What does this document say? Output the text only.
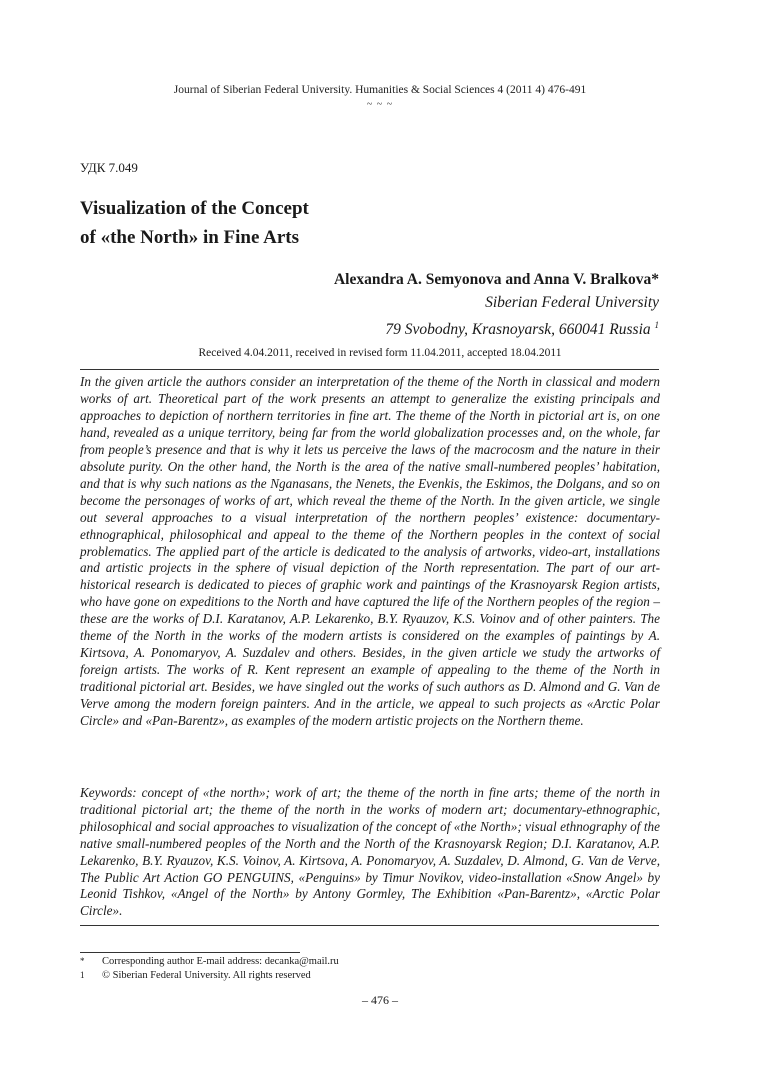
Journal of Siberian Federal University. Humanities & Social Sciences 4 (2011 4) 476-491
~ ~ ~
УДК 7.049
Visualization of the Concept
of «the North» in Fine Arts
Alexandra A. Semyonova and Anna V. Bralkova*
Siberian Federal University
79 Svobodny, Krasnoyarsk, 660041 Russia $^1$
Received 4.04.2011, received in revised form 11.04.2011, accepted 18.04.2011
In the given article the authors consider an interpretation of the theme of the North in classical and modern works of art. Theoretical part of the work presents an attempt to generalize the existing principals and approaches to depiction of northern territories in fine art. The theme of the North in pictorial art is, on one hand, revealed as a unique territory, being far from the world globalization processes and, on the whole, far from people’s presence and that is why it lets us perceive the laws of the macrocosm and the nature in their absolute purity. On the other hand, the North is the area of the native small-numbered peoples’ habitation, and that is why such nations as the Nganasans, the Nenets, the Evenkis, the Eskimos, the Dolgans, and so on become the personages of works of art, which reveal the theme of the North. In the given article, we single out several approaches to a visual interpretation of the northern peoples’ existence: documentary-ethnographical, philosophical and appeal to the theme of the Northern peoples in the context of social problematics. The applied part of the article is dedicated to the analysis of artworks, video-art, installations and artistic projects in the sphere of visual depiction of the North representation. The part of our art-historical research is dedicated to pieces of graphic work and paintings of the Krasnoyarsk Region artists, who have gone on expeditions to the North and have captured the life of the Northern peoples of the region – these are the works of D.I. Karatanov, A.P. Lekarenko, B.Y. Ryauzov, K.S. Voinov and of other painters. The theme of the North in the works of the modern artists is considered on the examples of paintings by A. Kirtsova, A. Ponomaryov, A. Suzdalev and others. Besides, in the given article we study the artworks of foreign artists. The works of R. Kent represent an example of appealing to the theme of the North in traditional pictorial art. Besides, we have singled out the works of such authors as D. Almond and G. Van de Verve among the modern foreign painters. And in the article, we appeal to such projects as «Arctic Polar Circle» and «Pan-Barentz», as examples of the modern artistic projects on the Northern theme.
Keywords: concept of «the north»; work of art; the theme of the north in fine arts; theme of the north in traditional pictorial art; the theme of the north in the works of modern art; documentary-ethnographic, philosophical and social approaches to visualization of the concept of «the North»; visual ethnography of the native small-numbered peoples of the North and the North of the Krasnoyarsk Region; D.I. Karatanov, A.P. Lekarenko, B.Y. Ryauzov, K.S. Voinov, A. Kirtsova, A. Ponomaryov, A. Suzdalev, D. Almond, G. Van de Verve, The Public Art Action GO PENGUINS, «Penguins» by Timur Novikov, video-installation «Snow Angel» by Leonid Tishkov, «Angel of the North» by Antony Gormley, The Exhibition «Pan-Barentz», «Arctic Polar Circle».
* Corresponding author E-mail address: decanka@mail.ru
1 © Siberian Federal University. All rights reserved
– 476 –
